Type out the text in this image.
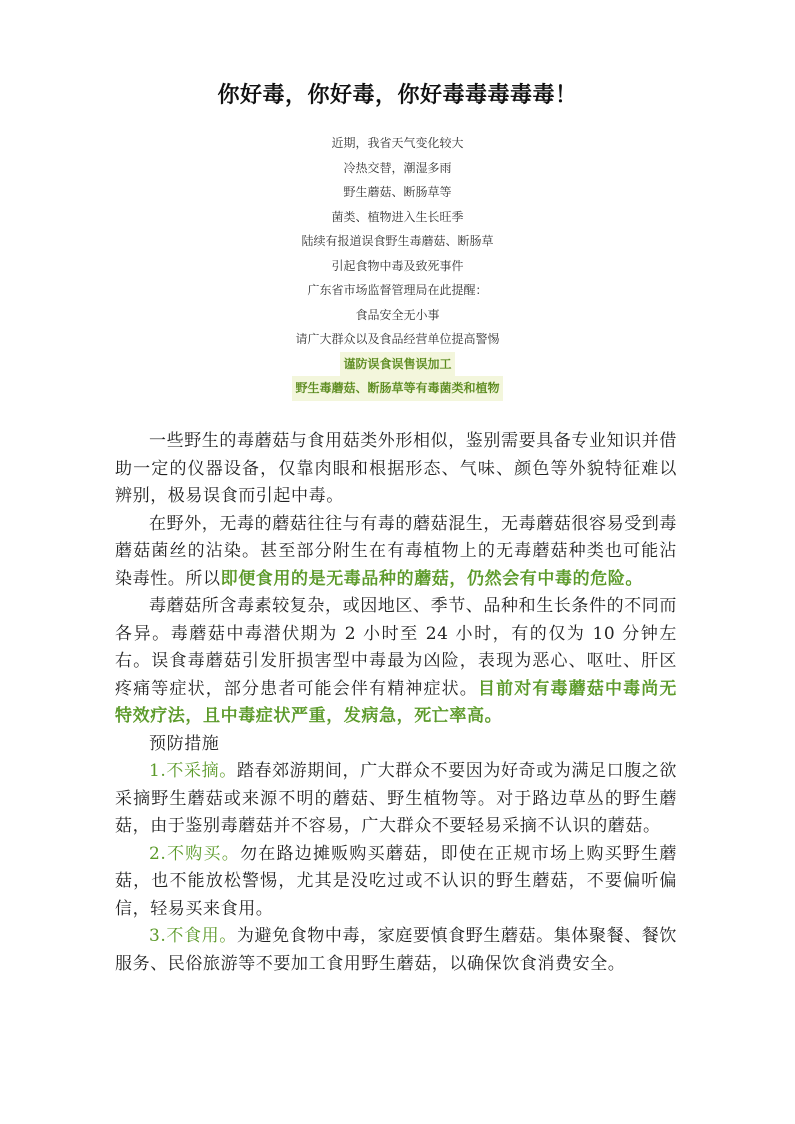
你好毒，你好毒，你好毒毒毒毒毒！
近期，我省天气变化较大
冷热交替，潮湿多雨
野生蘑菇、断肠草等
菌类、植物进入生长旺季
陆续有报道误食野生毒蘑菇、断肠草
引起食物中毒及致死事件
广东省市场监督管理局在此提醒：
食品安全无小事
请广大群众以及食品经营单位提高警惕
谨防误食误售误加工
野生毒蘑菇、断肠草等有毒菌类和植物

一些野生的毒蘑菇与食用菇类外形相似，鉴别需要具备专业知识并借助一定的仪器设备，仅靠肉眼和根据形态、气味、颜色等外貌特征难以辨别，极易误食而引起中毒。

在野外，无毒的蘑菇往往与有毒的蘑菇混生，无毒蘑菇很容易受到毒蘑菇菌丝的沾染。甚至部分附生在有毒植物上的无毒蘑菇种类也可能沾染毒性。所以即便食用的是无毒品种的蘑菇，仍然会有中毒的危险。

毒蘑菇所含毒素较复杂，或因地区、季节、品种和生长条件的不同而各异。毒蘑菇中毒潜伏期为 2 小时至 24 小时，有的仅为 10 分钟左右。误食毒蘑菇引发肝损害型中毒最为凶险，表现为恶心、呕吐、肝区疼痛等症状，部分患者可能会伴有精神症状。目前对有毒蘑菇中毒尚无特效疗法，且中毒症状严重，发病急，死亡率高。

预防措施

1.不采摘。踏春郊游期间，广大群众不要因为好奇或为满足口腹之欲采摘野生蘑菇或来源不明的蘑菇、野生植物等。对于路边草丛的野生蘑菇，由于鉴别毒蘑菇并不容易，广大群众不要轻易采摘不认识的蘑菇。

2.不购买。勿在路边摊贩购买蘑菇，即使在正规市场上购买野生蘑菇，也不能放松警惕，尤其是没吃过或不认识的野生蘑菇，不要偏听偏信，轻易买来食用。

3.不食用。为避免食物中毒，家庭要慎食野生蘑菇。集体聚餐、餐饮服务、民俗旅游等不要加工食用野生蘑菇，以确保饮食消费安全。
